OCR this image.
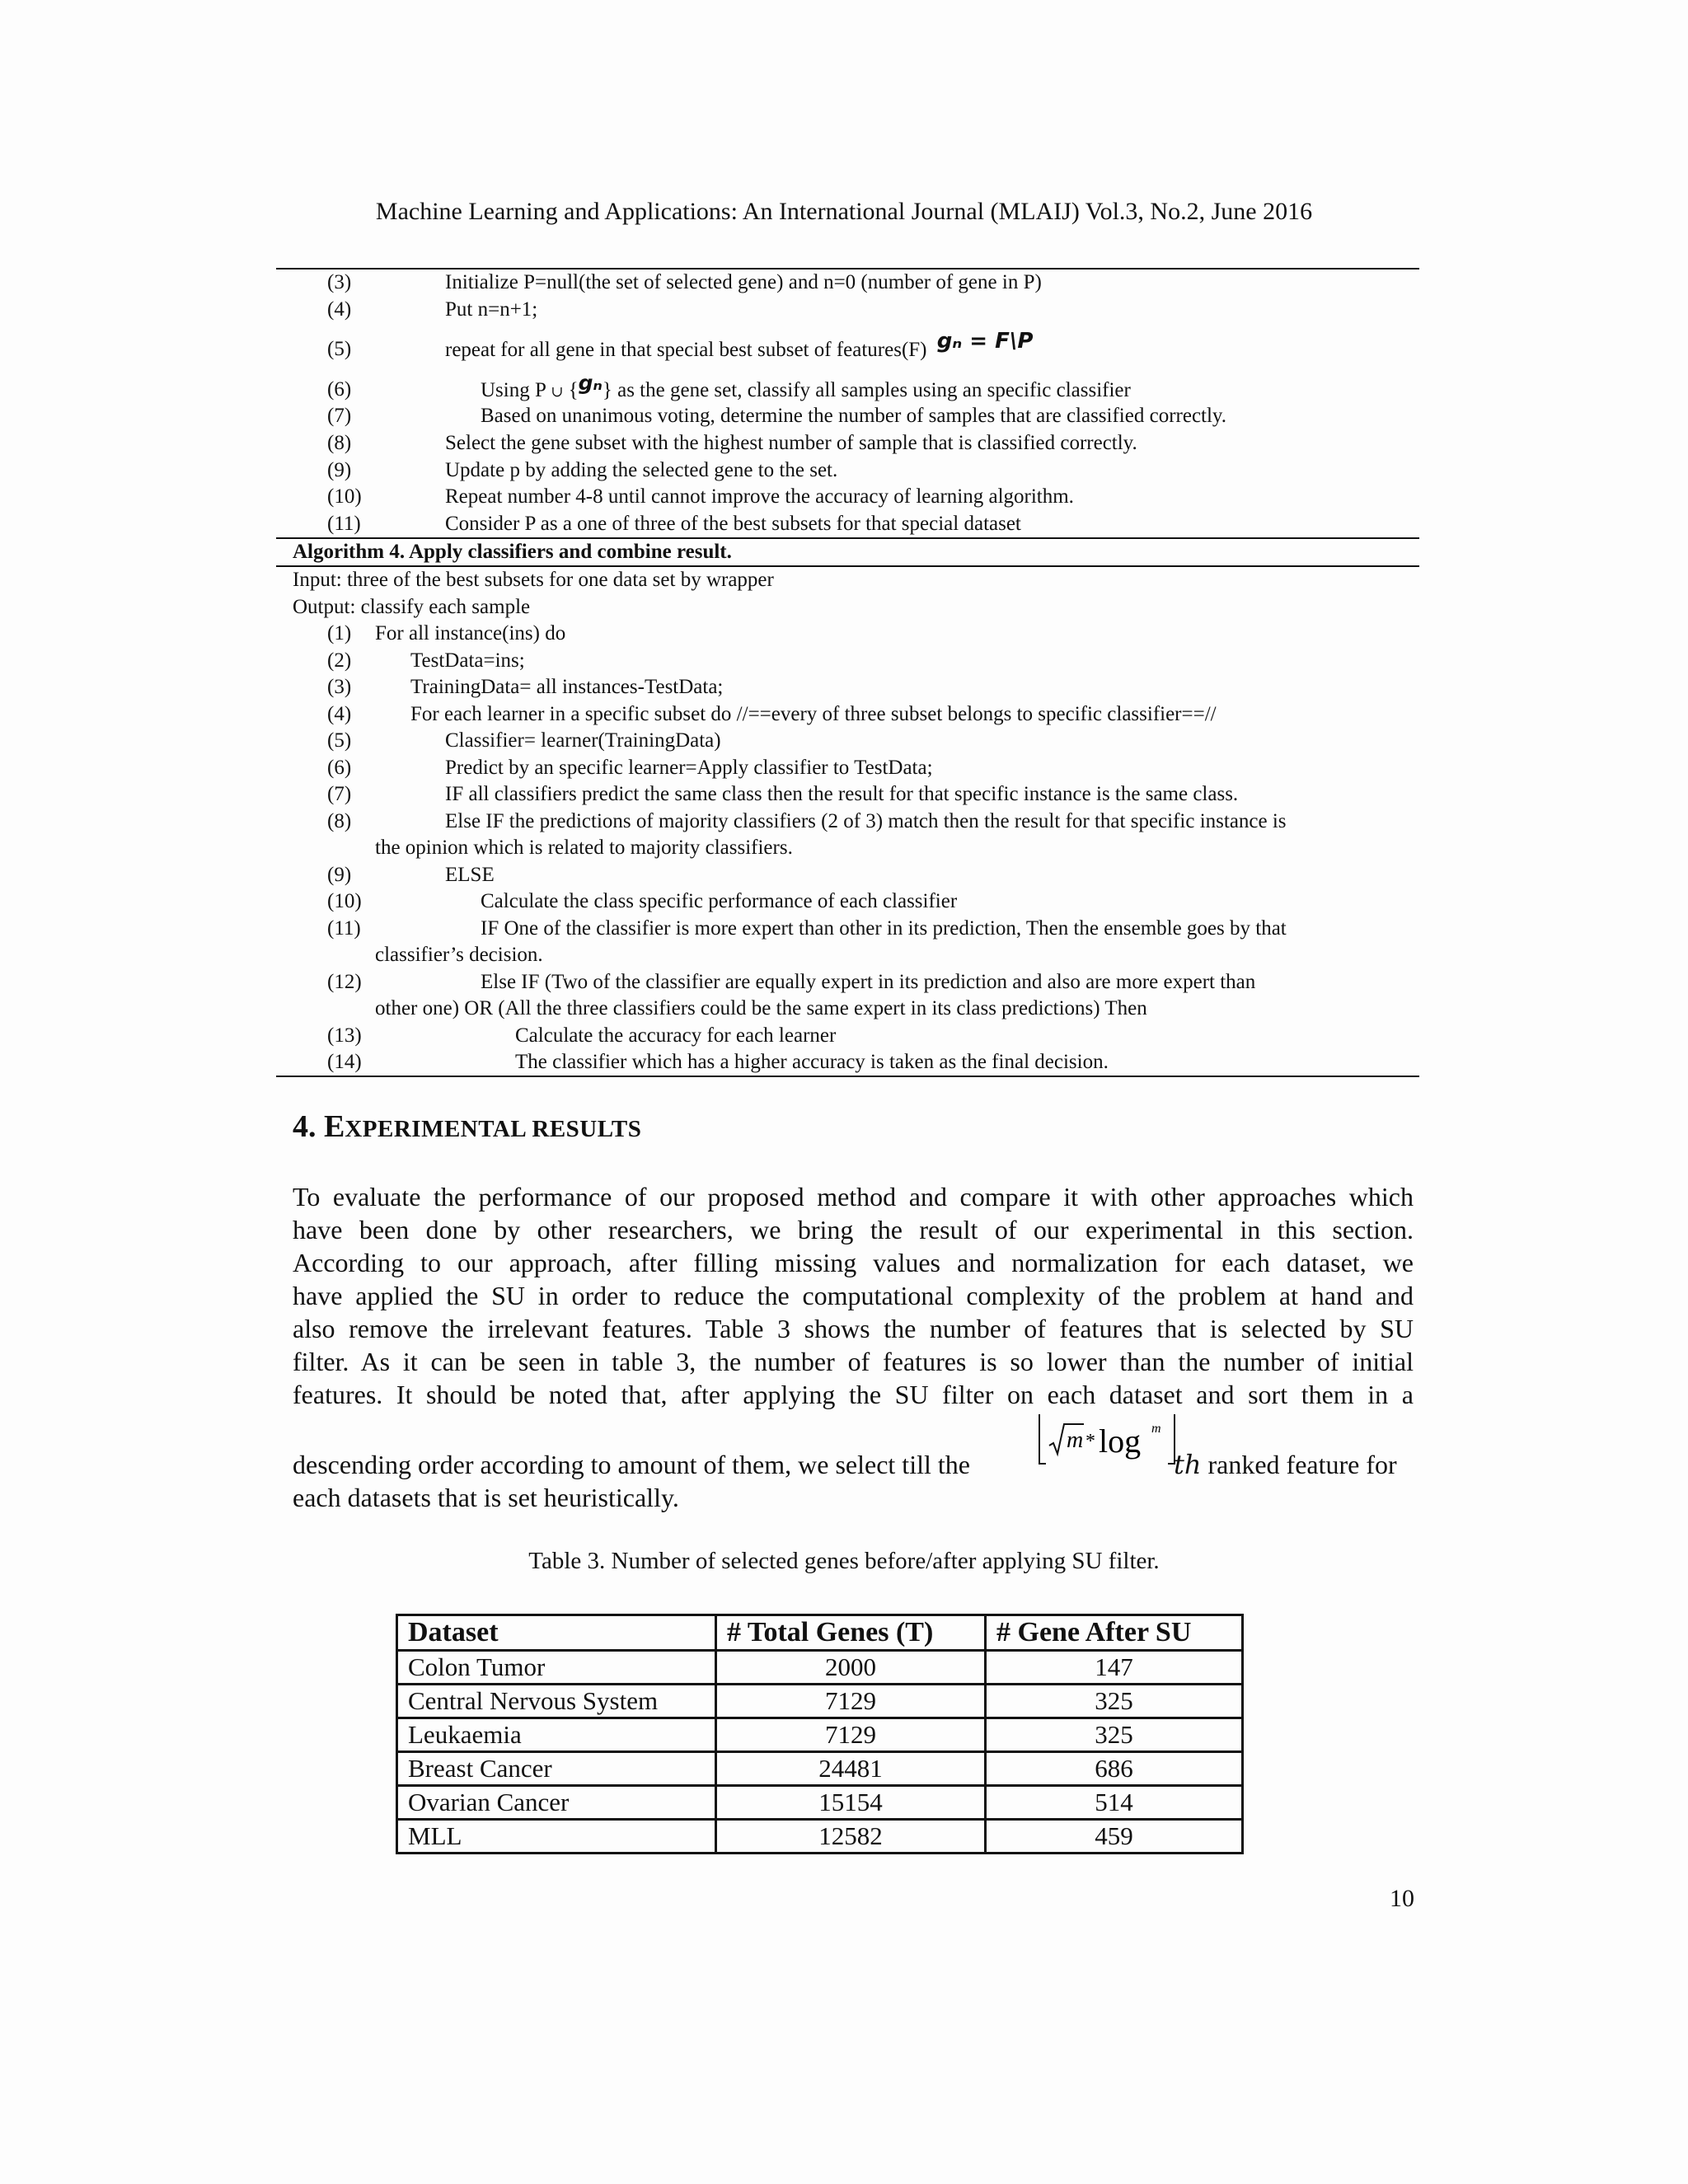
Machine Learning and Applications: An International Journal (MLAIJ) Vol.3, No.2, June 2016
(3)	Initialize P=null(the set of selected gene) and n=0 (number of gene in P)
(4)	Put n=n+1;
(5)	repeat for all gene in that special best subset of features(F) gₙ = F\P
(6)	Using P ∪ {gₙ} as the gene set, classify all samples using an specific classifier
(7)	Based on unanimous voting, determine the number of samples that are classified correctly.
(8)	Select the gene subset with the highest number of sample that is classified correctly.
(9)	Update p by adding the selected gene to the set.
(10)	Repeat number 4-8 until cannot improve the accuracy of learning algorithm.
(11)	Consider P as a one of three of the best subsets for that special dataset
Algorithm 4. Apply classifiers and combine result.
Input: three of the best subsets for one data set by wrapper
Output: classify each sample
(1) For all instance(ins) do
(2)	TestData=ins;
(3)	TrainingData= all instances-TestData;
(4)	For each learner in a specific subset do //==every of three subset belongs to specific classifier==//
(5)	Classifier= learner(TrainingData)
(6)	Predict by an specific learner=Apply classifier to TestData;
(7)	IF all classifiers predict the same class then the result for that specific instance is the same class.
(8)	Else IF the predictions of majority classifiers (2 of 3) match then the result for that specific instance is
the opinion which is related to majority classifiers.
(9)	ELSE
(10)	Calculate the class specific performance of each classifier
(11)	IF One of the classifier is more expert than other in its prediction, Then the ensemble goes by that
classifier’s decision.
(12)	Else IF (Two of the classifier are equally expert in its prediction and also are more expert than
other one) OR (All the three classifiers could be the same expert in its class predictions) Then
(13)	Calculate the accuracy for each learner
(14)	The classifier which has a higher accuracy is taken as the final decision.
4. EXPERIMENTAL RESULTS
To evaluate the performance of our proposed method and compare it with other approaches which
have been done by other researchers, we bring the result of our experimental in this section.
According to our approach, after filling missing values and normalization for each dataset, we
have applied the SU in order to reduce the computational complexity of the problem at hand and
also remove the irrelevant features. Table 3 shows the number of features that is selected by SU
filter. As it can be seen in table 3, the number of features is so lower than the number of initial
features. It should be noted that, after applying the SU filter on each dataset and sort them in a
descending order according to amount of them, we select till the
m * log m
th ranked feature for
each datasets that is set heuristically.
Table 3. Number of selected genes before/after applying SU filter.
Dataset	# Total Genes (T)	# Gene After SU
Colon Tumor	2000	147
Central Nervous System	7129	325
Leukaemia	7129	325
Breast Cancer	24481	686
Ovarian Cancer	15154	514
MLL	12582	459
10
